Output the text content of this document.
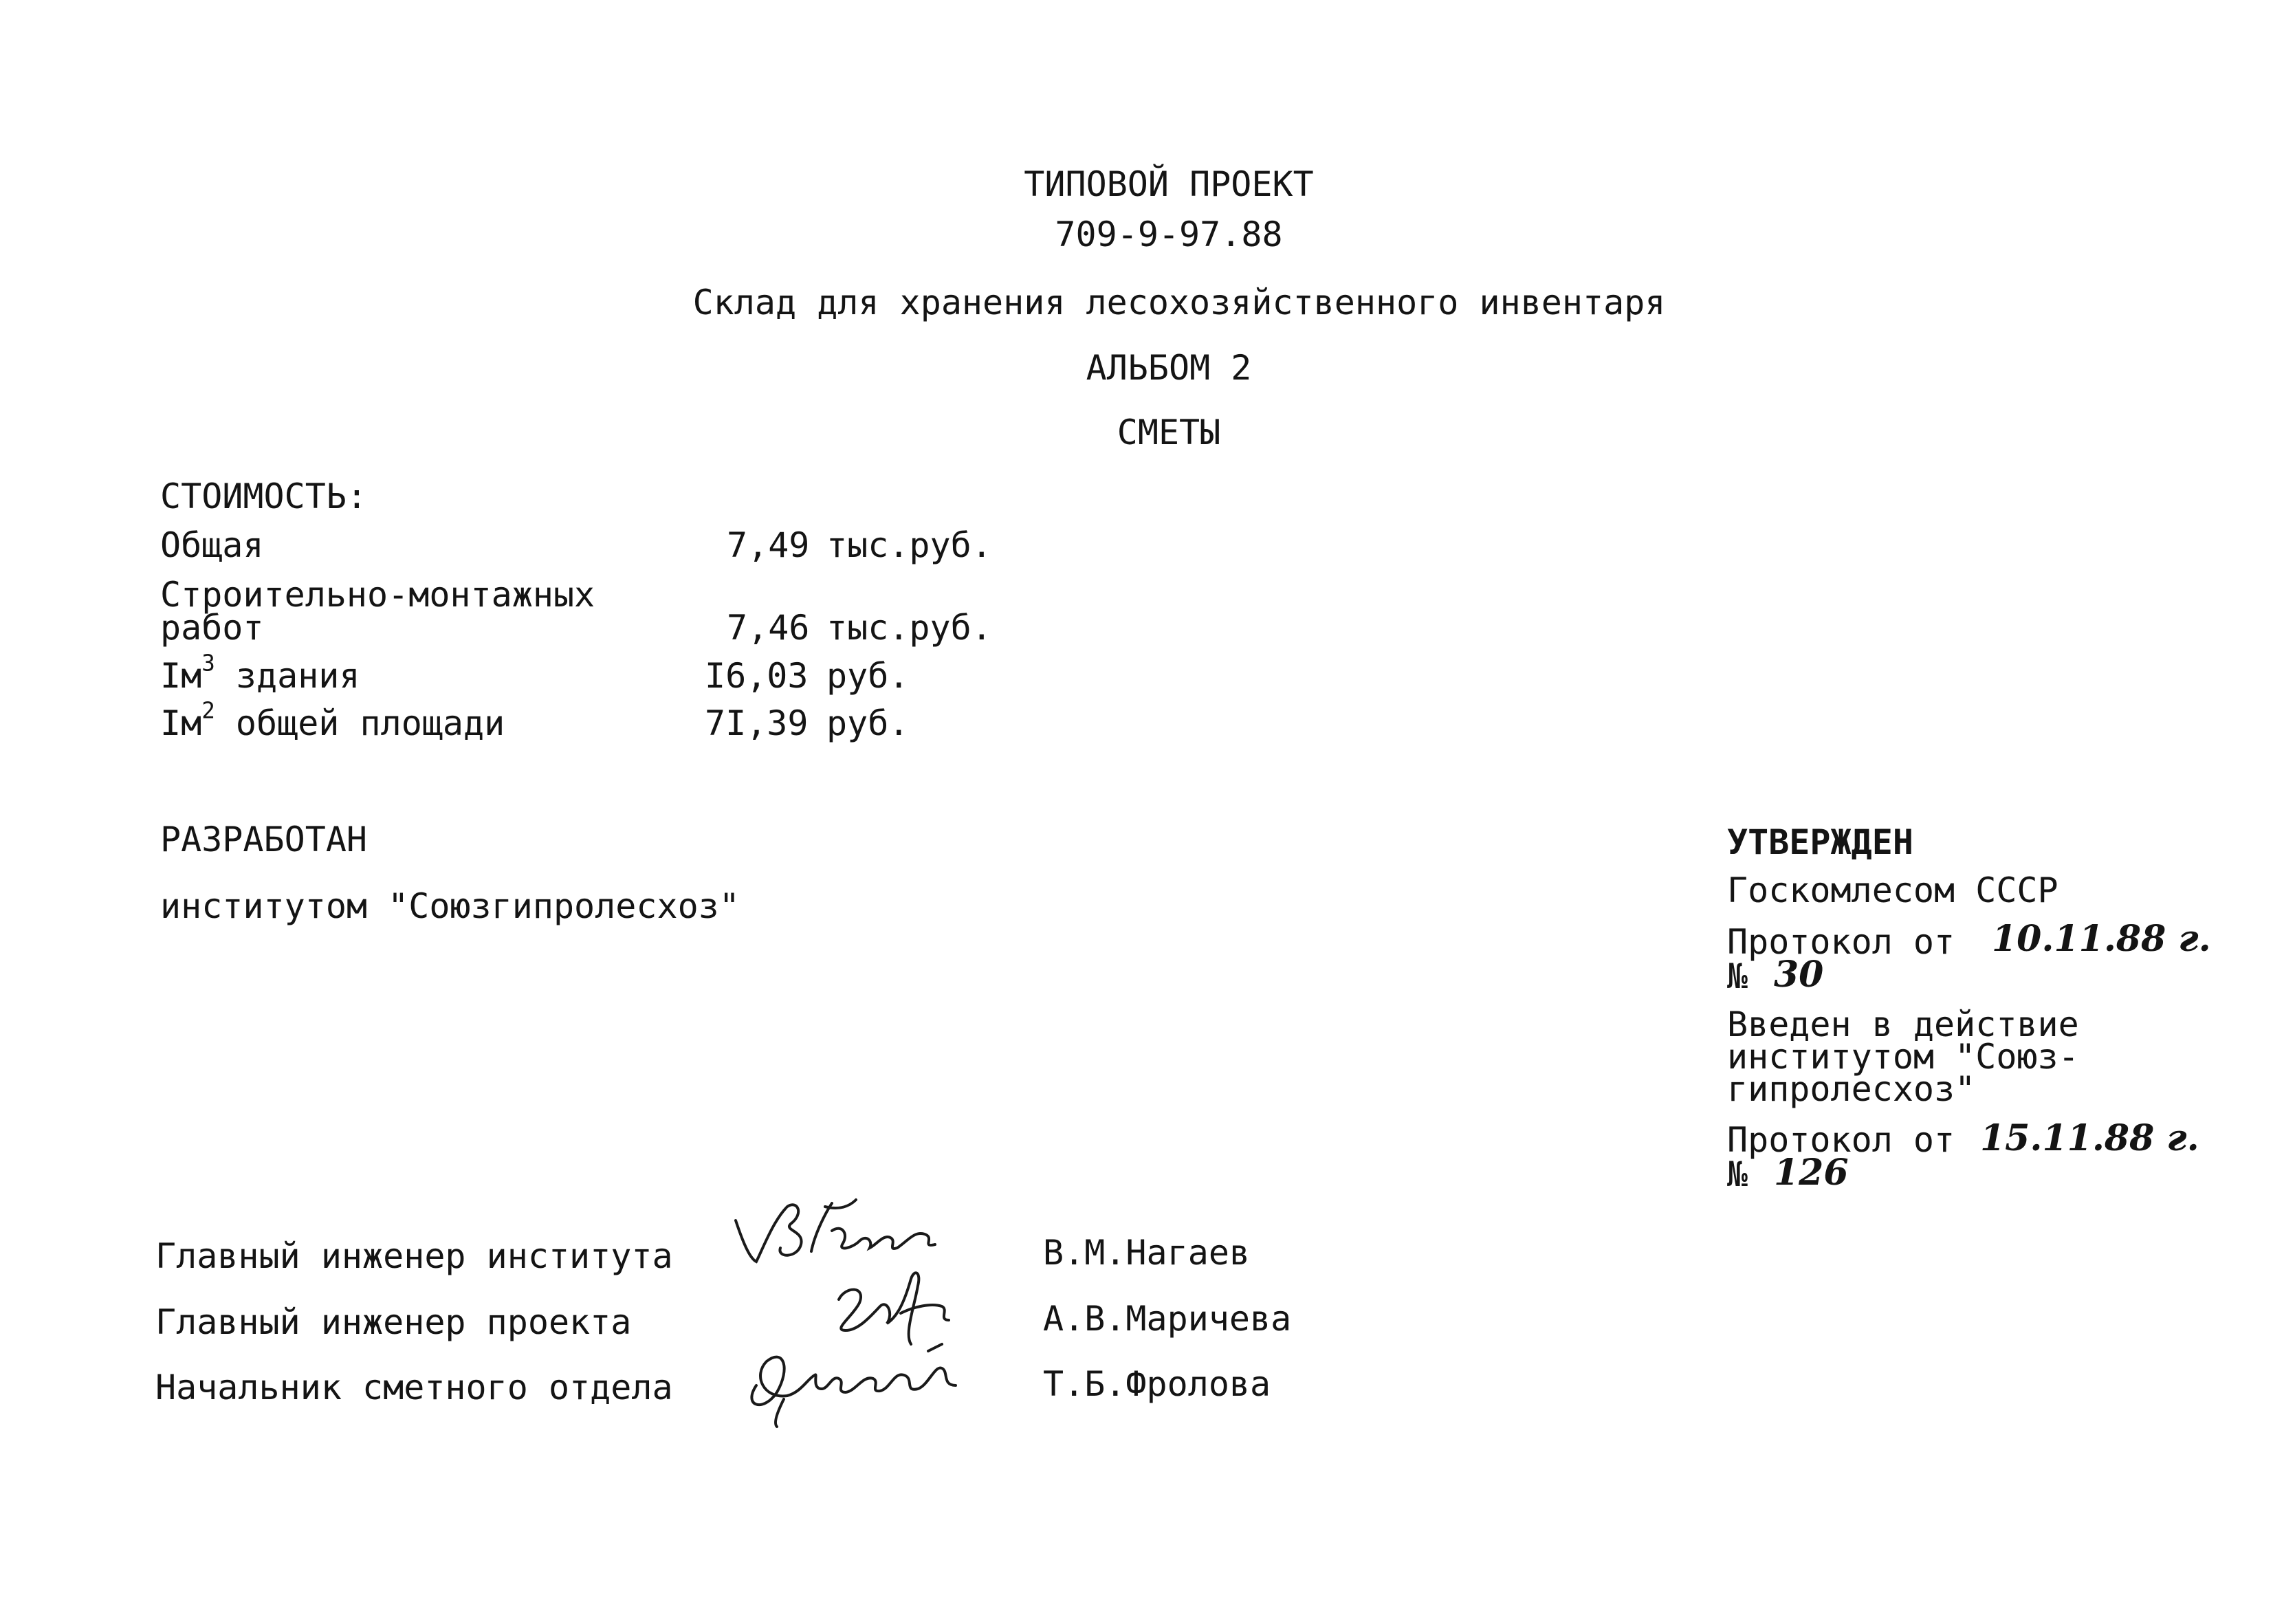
ТИПОВОЙ ПРОЕКТ
709-9-97.88
Склад для хранения лесохозяйственного инвентаря
АЛЬБОМ 2
СМЕТЫ
СТОИМОСТЬ:
Общая	7,49 тыс.руб.
Строительно-монтажных
работ	7,46 тыс.руб.
$Iм^3$ здания	I6,03 руб.
$Iм^2$ общей площади	7I,39 руб.
РАЗРАБОТАН
институтом "Союзгипролесхоз"
УТВЕРЖДЕН
Госкомлесом СССР
Протокол от 10.11.88 г.
№ 30
Введен в действие
институтом "Союз-
гипролесхоз"
Протокол от 15.11.88 г.
№ 126
Главный инженер института	В.М.Нагаев
Главный инженер проекта	А.В.Маричева
Начальник сметного отдела	Т.Б.Фролова
